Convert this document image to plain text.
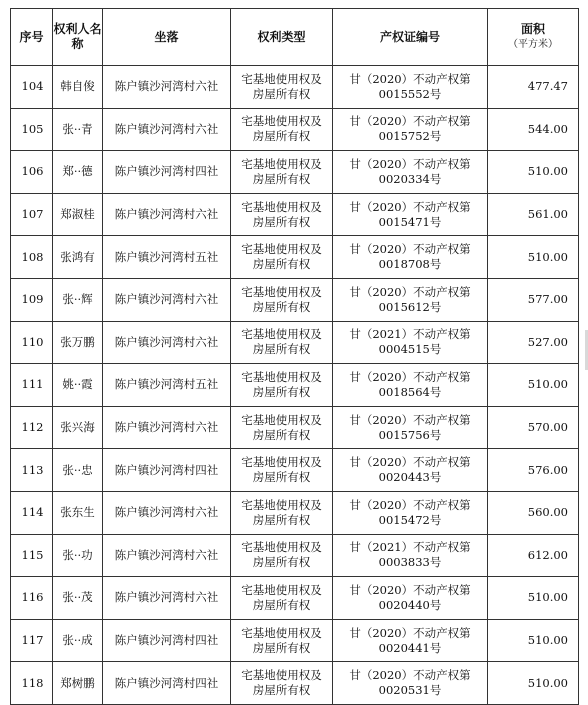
序号	权利人名称	坐落	权利类型	产权证编号	面积
（平方米）

104	韩自俊	陈户镇沙河湾村六社	宅基地使用权及
房屋所有权	甘（2020）不动产权第
0015552号	477.47
105	张··青	陈户镇沙河湾村六社	宅基地使用权及
房屋所有权	甘（2020）不动产权第
0015752号	544.00
106	郑··德	陈户镇沙河湾村四社	宅基地使用权及
房屋所有权	甘（2020）不动产权第
0020334号	510.00
107	郑淑桂	陈户镇沙河湾村六社	宅基地使用权及
房屋所有权	甘（2020）不动产权第
0015471号	561.00
108	张鸿有	陈户镇沙河湾村五社	宅基地使用权及
房屋所有权	甘（2020）不动产权第
0018708号	510.00
109	张··辉	陈户镇沙河湾村六社	宅基地使用权及
房屋所有权	甘（2020）不动产权第
0015612号	577.00
110	张万鹏	陈户镇沙河湾村六社	宅基地使用权及
房屋所有权	甘（2021）不动产权第
0004515号	527.00
111	姚··霞	陈户镇沙河湾村五社	宅基地使用权及
房屋所有权	甘（2020）不动产权第
0018564号	510.00
112	张兴海	陈户镇沙河湾村六社	宅基地使用权及
房屋所有权	甘（2020）不动产权第
0015756号	570.00
113	张··忠	陈户镇沙河湾村四社	宅基地使用权及
房屋所有权	甘（2020）不动产权第
0020443号	576.00
114	张东生	陈户镇沙河湾村六社	宅基地使用权及
房屋所有权	甘（2020）不动产权第
0015472号	560.00
115	张··功	陈户镇沙河湾村六社	宅基地使用权及
房屋所有权	甘（2021）不动产权第
0003833号	612.00
116	张··茂	陈户镇沙河湾村六社	宅基地使用权及
房屋所有权	甘（2020）不动产权第
0020440号	510.00
117	张··成	陈户镇沙河湾村四社	宅基地使用权及
房屋所有权	甘（2020）不动产权第
0020441号	510.00
118	郑树鹏	陈户镇沙河湾村四社	宅基地使用权及
房屋所有权	甘（2020）不动产权第
0020531号	510.00
